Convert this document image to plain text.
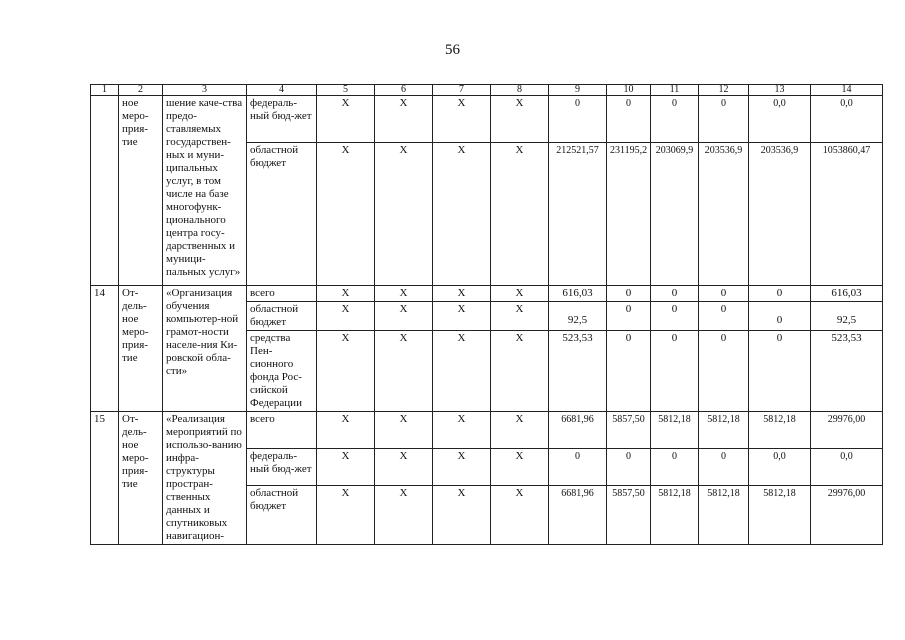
56
1	2	3	4	5	6	7	8	9	10	11	12	13	14
	ное меро-прия-тие	шение каче-ства предо-ставляемых государствен-ных и муни-ципальных услуг, в том числе на базе многофунк-ционального центра госу-дарственных и муници-пальных услуг»	федераль-ный бюд-жет	X	X	X	X	0	0	0	0	0,0	0,0
			областной бюджет	X	X	X	X	212521,57	231195,2	203069,9	203536,9	203536,9	1053860,47
14	От-дель-ное меро-прия-тие	«Организация обучения компьютер-ной грамот-ности населе-ния Ки-ровской обла-сти»	всего	X	X	X	X	616,03	0	0	0	0	616,03
			областной бюджет	X	X	X	X	92,5	0	0	0	0	92,5
			средства Пен-сионного фонда Рос-сийской Федерации	X	X	X	X	523,53	0	0	0	0	523,53
15	От-дель-ное меро-прия-тие	«Реализация мероприятий по использо-ванию инфра-структуры простран-ственных данных и спутниковых навигацион-	всего	X	X	X	X	6681,96	5857,50	5812,18	5812,18	5812,18	29976,00
			федераль-ный бюд-жет	X	X	X	X	0	0	0	0	0,0	0,0
			областной бюджет	X	X	X	X	6681,96	5857,50	5812,18	5812,18	5812,18	29976,00
